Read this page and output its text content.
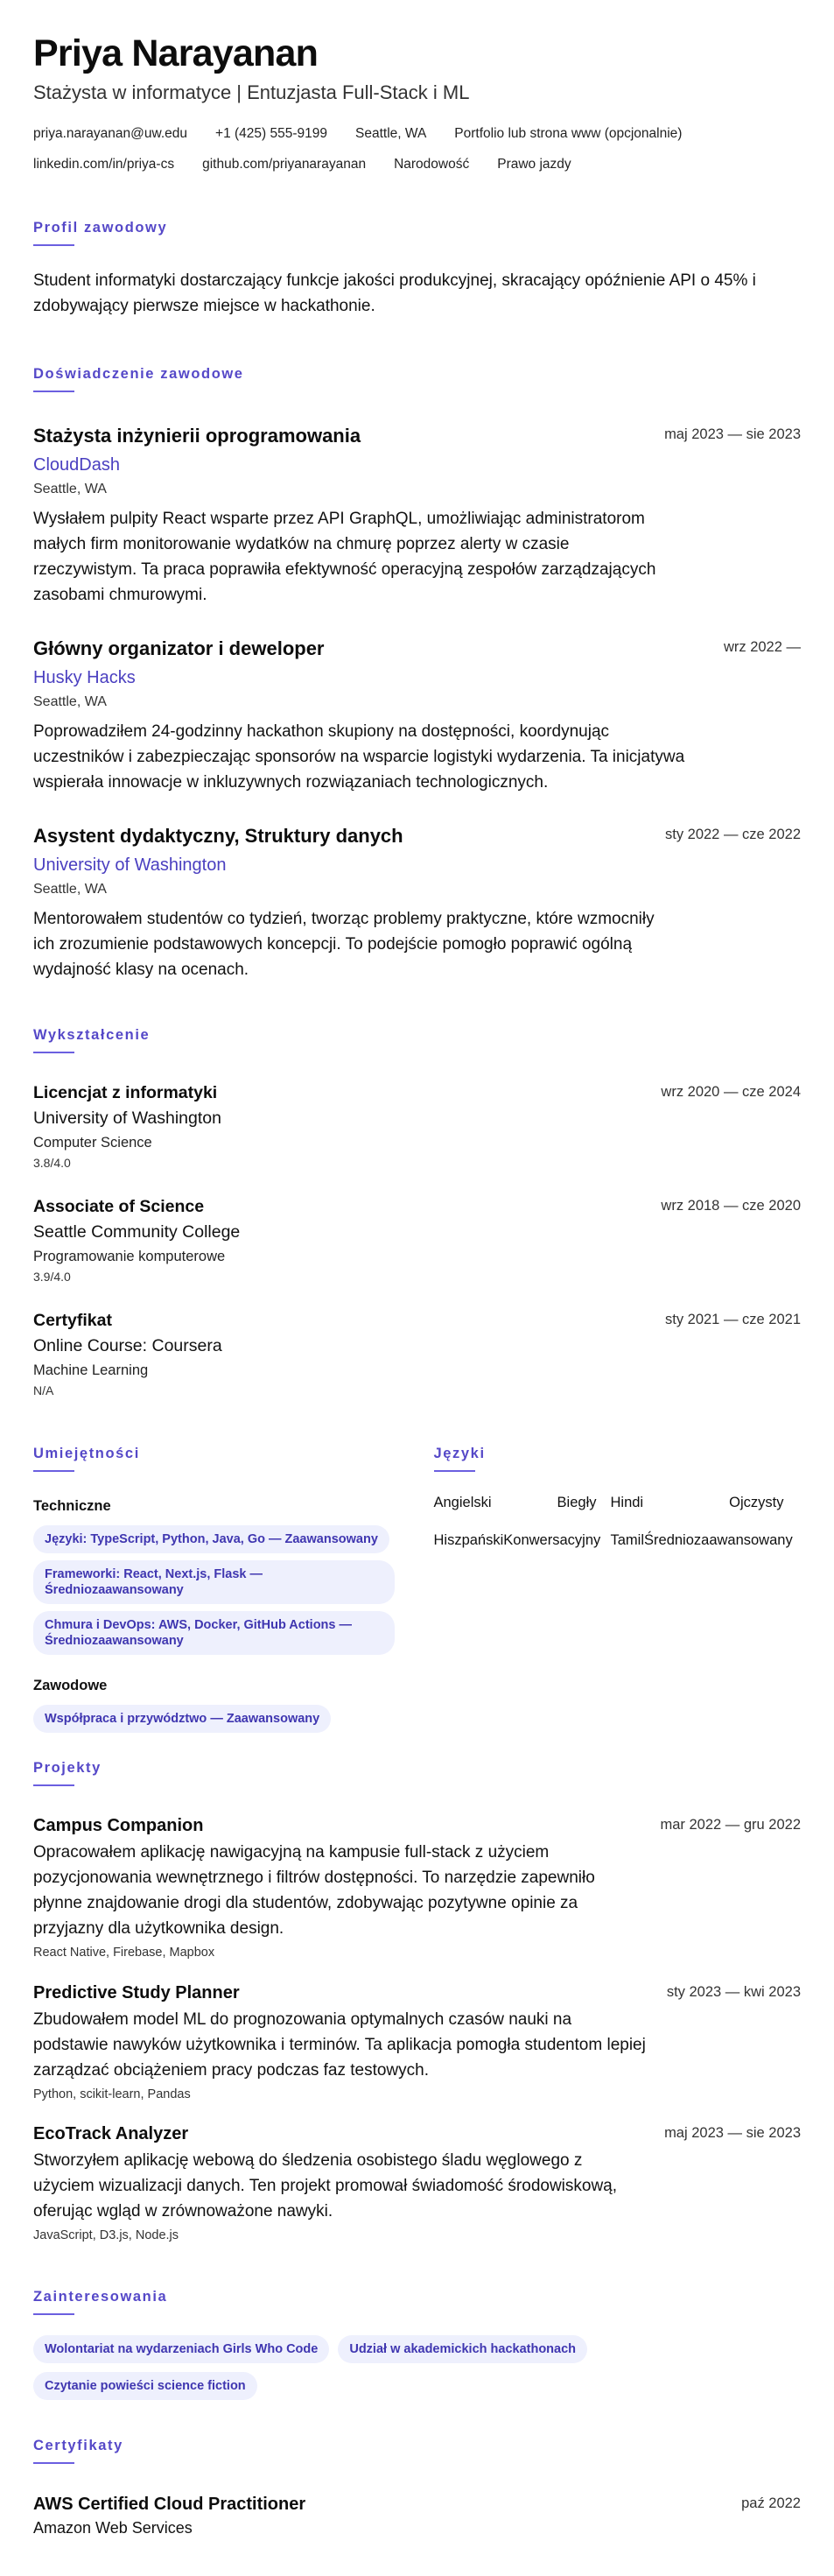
Priya Narayanan
Stażysta w informatyce | Entuzjasta Full-Stack i ML
priya.narayanan@uw.edu +1 (425) 555-9199 Seattle, WA Portfolio lub strona www (opcjonalnie)
linkedin.com/in/priya-cs github.com/priyanarayanan Narodowość Prawo jazdy
Profil zawodowy
Student informatyki dostarczający funkcje jakości produkcyjnej, skracający opóźnienie API o 45% i zdobywający pierwsze miejsce w hackathonie.
Doświadczenie zawodowe
maj 2023 — sie 2023
Stażysta inżynierii oprogramowania
CloudDash
Seattle, WA
Wysłałem pulpity React wsparte przez API GraphQL, umożliwiając administratorom małych firm monitorowanie wydatków na chmurę poprzez alerty w czasie rzeczywistym. Ta praca poprawiła efektywność operacyjną zespołów zarządzających zasobami chmurowymi.
wrz 2022 —
Główny organizator i deweloper
Husky Hacks
Seattle, WA
Poprowadziłem 24-godzinny hackathon skupiony na dostępności, koordynując uczestników i zabezpieczając sponsorów na wsparcie logistyki wydarzenia. Ta inicjatywa wspierała innowacje w inkluzywnych rozwiązaniach technologicznych.
sty 2022 — cze 2022
Asystent dydaktyczny, Struktury danych
University of Washington
Seattle, WA
Mentorowałem studentów co tydzień, tworząc problemy praktyczne, które wzmocniły ich zrozumienie podstawowych koncepcji. To podejście pomogło poprawić ogólną wydajność klasy na ocenach.
Wykształcenie
wrz 2020 — cze 2024
Licencjat z informatyki
University of Washington
Computer Science
3.8/4.0
wrz 2018 — cze 2020
Associate of Science
Seattle Community College
Programowanie komputerowe
3.9/4.0
sty 2021 — cze 2021
Certyfikat
Online Course: Coursera
Machine Learning
N/A
Umiejętności
Techniczne
Języki: TypeScript, Python, Java, Go — Zaawansowany
Frameworki: React, Next.js, Flask — Średniozaawansowany
Chmura i DevOps: AWS, Docker, GitHub Actions — Średniozaawansowany
Zawodowe
Współpraca i przywództwo — Zaawansowany
Języki
Angielski	Biegły Hindi	Ojczysty
Hiszpański Konwersacyjny Tamil Średniozaawansowany
Projekty
mar 2022 — gru 2022
Campus Companion
Opracowałem aplikację nawigacyjną na kampusie full-stack z użyciem pozycjonowania wewnętrznego i filtrów dostępności. To narzędzie zapewniło płynne znajdowanie drogi dla studentów, zdobywając pozytywne opinie za przyjazny dla użytkownika design.
React Native, Firebase, Mapbox
sty 2023 — kwi 2023
Predictive Study Planner
Zbudowałem model ML do prognozowania optymalnych czasów nauki na podstawie nawyków użytkownika i terminów. Ta aplikacja pomogła studentom lepiej zarządzać obciążeniem pracy podczas faz testowych.
Python, scikit-learn, Pandas
maj 2023 — sie 2023
EcoTrack Analyzer
Stworzyłem aplikację webową do śledzenia osobistego śladu węglowego z użyciem wizualizacji danych. Ten projekt promował świadomość środowiskową, oferując wgląd w zrównoważone nawyki.
JavaScript, D3.js, Node.js
Zainteresowania
Wolontariat na wydarzeniach Girls Who Code	Udział w akademickich hackathonach
Czytanie powieści science fiction
Certyfikaty
paź 2022
AWS Certified Cloud Practitioner
Amazon Web Services
